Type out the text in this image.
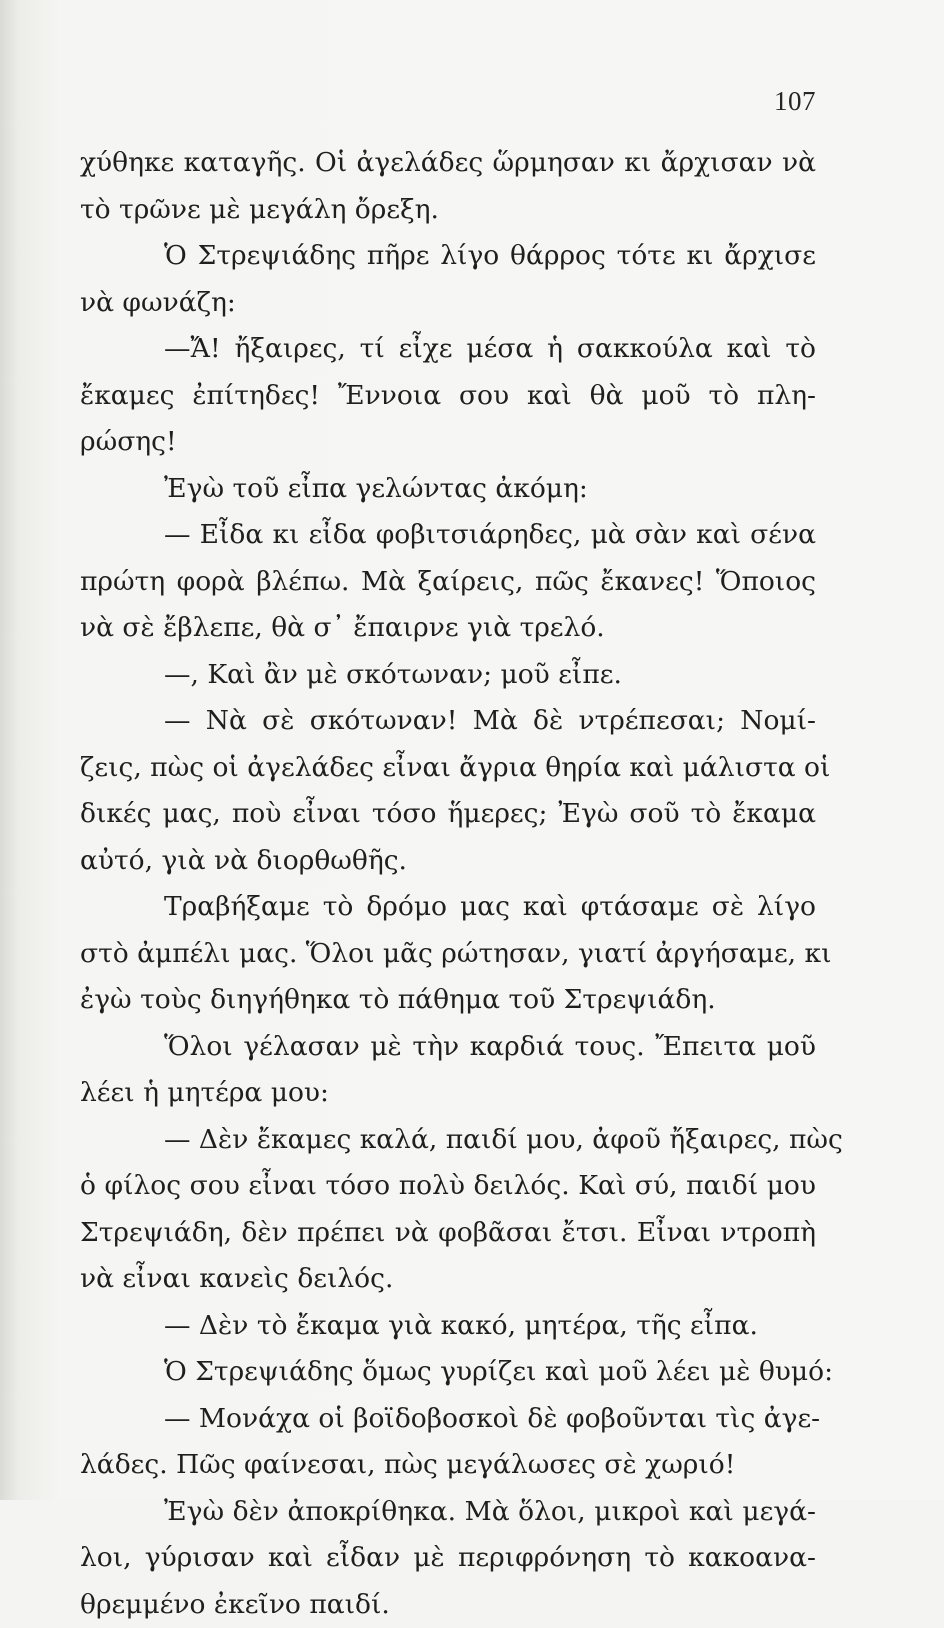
107
χύθηκε καταγῆς. Οἱ ἀγελάδες ὥρμησαν κι ἄρχισαν νὰ
τὸ τρῶνε μὲ μεγάλη ὄρεξη.
Ὁ Στρεψιάδης πῆρε λίγο θάρρος τότε κι ἄρχισε
νὰ φωνάζη:
—Ἄ! ἤξαιρες, τί εἶχε μέσα ἡ σακκούλα καὶ τὸ
ἔκαμες ἐπίτηδες! Ἔννοια σου καὶ θὰ μοῦ τὸ πλη-
ρώσης!
Ἐγὼ τοῦ εἶπα γελώντας ἀκόμη:
— Εἶδα κι εἶδα φοβιτσιάρηδες, μὰ σὰν καὶ σένα
πρώτη φορὰ βλέπω. Μὰ ξαίρεις, πῶς ἔκανες! Ὅποιος
νὰ σὲ ἔβλεπε, θὰ σ᾿ ἔπαιρνε γιὰ τρελό.
—, Καὶ ἂν μὲ σκότωναν; μοῦ εἶπε.
— Νὰ σὲ σκότωναν! Μὰ δὲ ντρέπεσαι; Νομί-
ζεις, πὼς οἱ ἀγελάδες εἶναι ἄγρια θηρία καὶ μάλιστα οἱ
δικές μας, ποὺ εἶναι τόσο ἥμερες; Ἐγὼ σοῦ τὸ ἔκαμα
αὐτό, γιὰ νὰ διορθωθῆς.
Τραβήξαμε τὸ δρόμο μας καὶ φτάσαμε σὲ λίγο
στὸ ἀμπέλι μας. Ὅλοι μᾶς ρώτησαν, γιατί ἀργήσαμε, κι
ἐγὼ τοὺς διηγήθηκα τὸ πάθημα τοῦ Στρεψιάδη.
Ὅλοι γέλασαν μὲ τὴν καρδιά τους. Ἔπειτα μοῦ
λέει ἡ μητέρα μου:
— Δὲν ἔκαμες καλά, παιδί μου, ἀφοῦ ἤξαιρες, πὼς
ὁ φίλος σου εἶναι τόσο πολὺ δειλός. Καὶ σύ, παιδί μου
Στρεψιάδη, δὲν πρέπει νὰ φοβᾶσαι ἔτσι. Εἶναι ντροπὴ
νὰ εἶναι κανεὶς δειλός.
— Δὲν τὸ ἔκαμα γιὰ κακό, μητέρα, τῆς εἶπα.
Ὁ Στρεψιάδης ὅμως γυρίζει καὶ μοῦ λέει μὲ θυμό:
— Μονάχα οἱ βοϊδοβοσκοὶ δὲ φοβοῦνται τὶς ἀγε-
λάδες. Πῶς φαίνεσαι, πὼς μεγάλωσες σὲ χωριό!
Ἐγὼ δὲν ἀποκρίθηκα. Μὰ ὅλοι, μικροὶ καὶ μεγά-
λοι, γύρισαν καὶ εἶδαν μὲ περιφρόνηση τὸ κακοανα-
θρεμμένο ἐκεῖνο παιδί.
